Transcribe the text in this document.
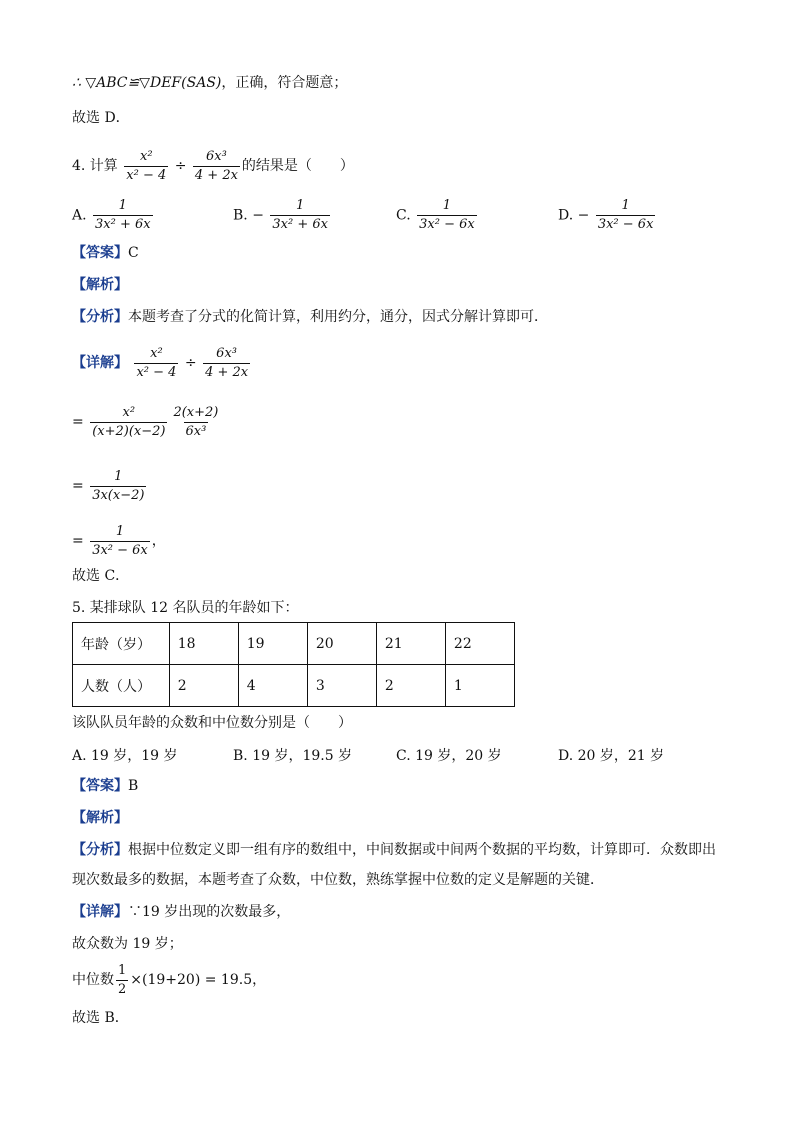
∴ ▽ABC≌▽DEF(SAS)，正确，符合题意；
故选 D．
4. 计算 $\frac{\text{x²}}{\text{x² − 4}} \div \frac{\text{6x³}}{4 + 2x}$ 的结果是（　　）
A. $\frac{1}{\text{3x² + 6x}}$	B. − $\frac{1}{\text{3x² + 6x}}$	C. $\frac{1}{\text{3x² − 6x}}$	D. − $\frac{1}{\text{3x² − 6x}}$
【答案】C
【解析】
【分析】本题考查了分式的化简计算，利用约分，通分，因式分解计算即可．
【详解】 $\frac{\text{x²}}{\text{x² − 4}} \div \frac{\text{6x³}}{4 + 2x}$
= $\frac{\text{x²}}{(x+2)(x-2)} \frac{2(x+2)}{\text{6x³}}$
= $\frac{1}{3x(x-2)}$
= $\frac{1}{\text{3x² − 6x}}$ ，
故选 C．
5. 某排球队 12 名队员的年龄如下：
年龄（岁）	18	19	20	21	22
人数（人）	2	4	3	2	1
该队队员年龄的众数和中位数分别是（　　）
A. 19 岁，19 岁	B. 19 岁，19.5 岁	C. 19 岁，20 岁	D. 20 岁，21 岁
【答案】B
【解析】
【分析】根据中位数定义即一组有序的数组中，中间数据或中间两个数据的平均数，计算即可．众数即出
现次数最多的数据，本题考查了众数，中位数，熟练掌握中位数的定义是解题的关键．
【详解】∵19 岁出现的次数最多，
故众数为 19 岁；
中位数 $\frac{1}{2} \times(19+20) = 19.5$，
故选 B．
